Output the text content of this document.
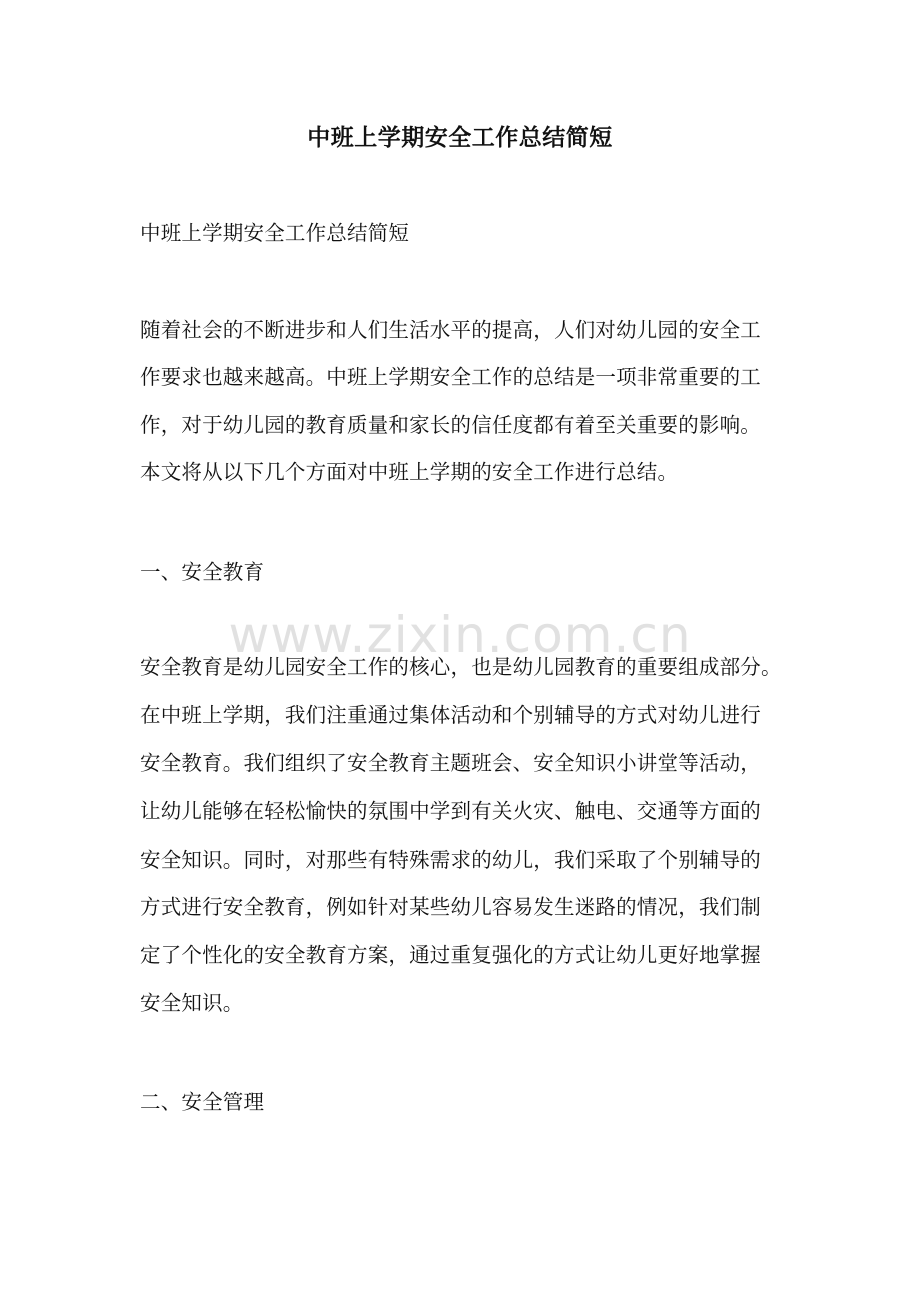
中班上学期安全工作总结简短
中班上学期安全工作总结简短
随着社会的不断进步和人们生活水平的提高，人们对幼儿园的安全工
作要求也越来越高。中班上学期安全工作的总结是一项非常重要的工
作，对于幼儿园的教育质量和家长的信任度都有着至关重要的影响。
本文将从以下几个方面对中班上学期的安全工作进行总结。
一、安全教育
安全教育是幼儿园安全工作的核心，也是幼儿园教育的重要组成部分。
在中班上学期，我们注重通过集体活动和个别辅导的方式对幼儿进行
安全教育。我们组织了安全教育主题班会、安全知识小讲堂等活动，
让幼儿能够在轻松愉快的氛围中学到有关火灾、触电、交通等方面的
安全知识。同时，对那些有特殊需求的幼儿，我们采取了个别辅导的
方式进行安全教育，例如针对某些幼儿容易发生迷路的情况，我们制
定了个性化的安全教育方案，通过重复强化的方式让幼儿更好地掌握
安全知识。
二、安全管理
www.zixin.com.cn
